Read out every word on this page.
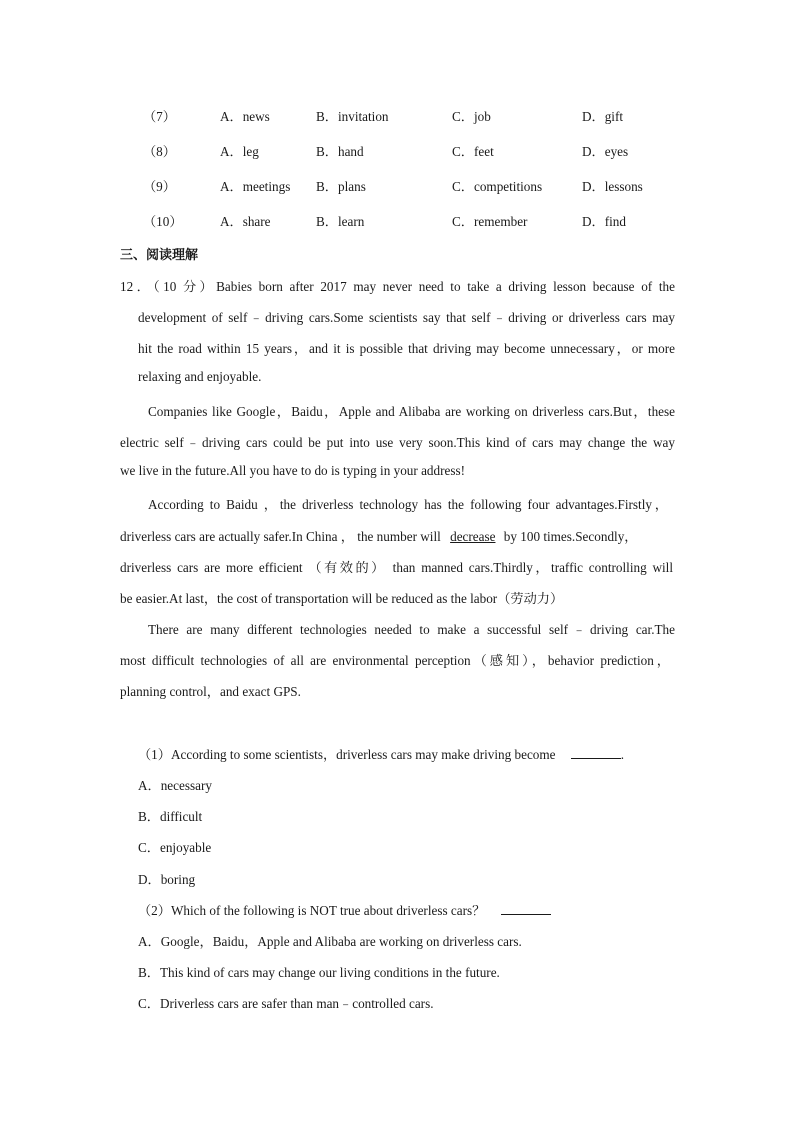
（7）	A．news	B．invitation	C．job	D．gift
（8）	A．leg	B．hand	C．feet	D．eyes
（9）	A．meetings B．plans	C．competitions	D．lessons
（10）	A．share	B．learn	C．remember	D．find
三、阅读理解
12．（10 分）Babies born after 2017 may never need to take a driving lesson because of the
development of self﹣driving cars.Some scientists say that self﹣driving or driverless cars may
hit the road within 15 years，and it is possible that driving may become unnecessary，or more
relaxing and enjoyable.
Companies like Google，Baidu，Apple and Alibaba are working on driverless cars.But，these
electric self﹣driving cars could be put into use very soon.This kind of cars may change the way
we live in the future.All you have to do is typing in your address!
According to Baidu ，the driverless technology has the following four advantages.Firstly，
driverless cars are actually safer.In China ， the number will decrease by 100 times.Secondly，
driverless cars are more efficient （有效的） than manned cars.Thirdly，traffic controlling will
be easier.At last，the cost of transportation will be reduced as the labor（劳动力）
There are many different technologies needed to make a successful self﹣driving car.The
most difficult technologies of all are environmental perception（感知），behavior prediction，
planning control，and exact GPS.
（1）According to some scientists，driverless cars may make driving become	.
A．necessary
B．difficult
C．enjoyable
D．boring
（2）Which of the following is NOT true about driverless cars？
A．Google，Baidu，Apple and Alibaba are working on driverless cars.
B．This kind of cars may change our living conditions in the future.
C．Driverless cars are safer than man﹣controlled cars.
